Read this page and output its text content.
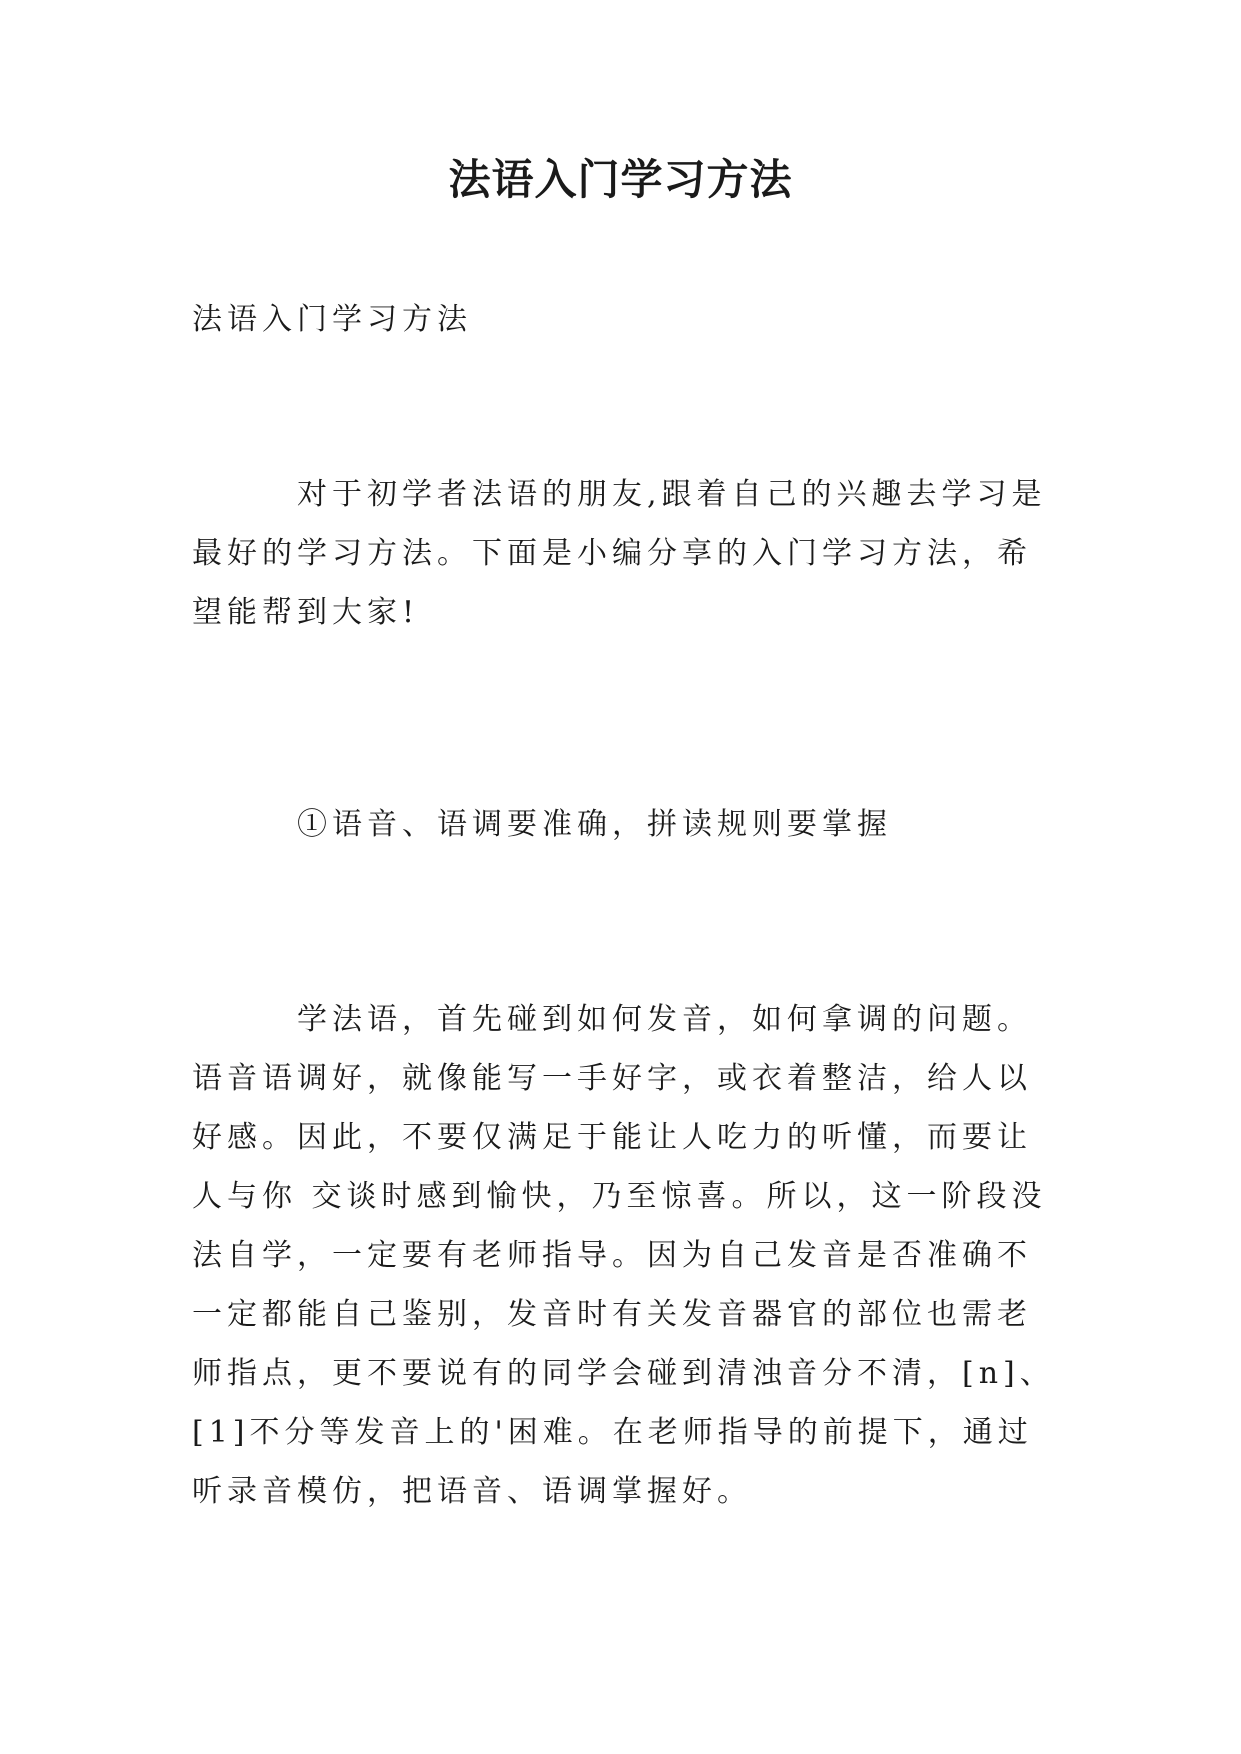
法语入门学习方法

法语入门学习方法

对于初学者法语的朋友,跟着自己的兴趣去学习是最好的学习方法。下面是小编分享的入门学习方法，希望能帮到大家!

①语音、语调要准确，拼读规则要掌握

学法语，首先碰到如何发音，如何拿调的问题。语音语调好，就像能写一手好字，或衣着整洁，给人以好感。因此，不要仅满足于能让人吃力的听懂，而要让人与你 交谈时感到愉快，乃至惊喜。所以，这一阶段没法自学，一定要有老师指导。因为自己发音是否准确不一定都能自己鉴别，发音时有关发音器官的部位也需老师指点，更不要说有的同学会碰到清浊音分不清，[n]、[1]不分等发音上的'困难。在老师指导的前提下，通过听录音模仿，把语音、语调掌握好。
